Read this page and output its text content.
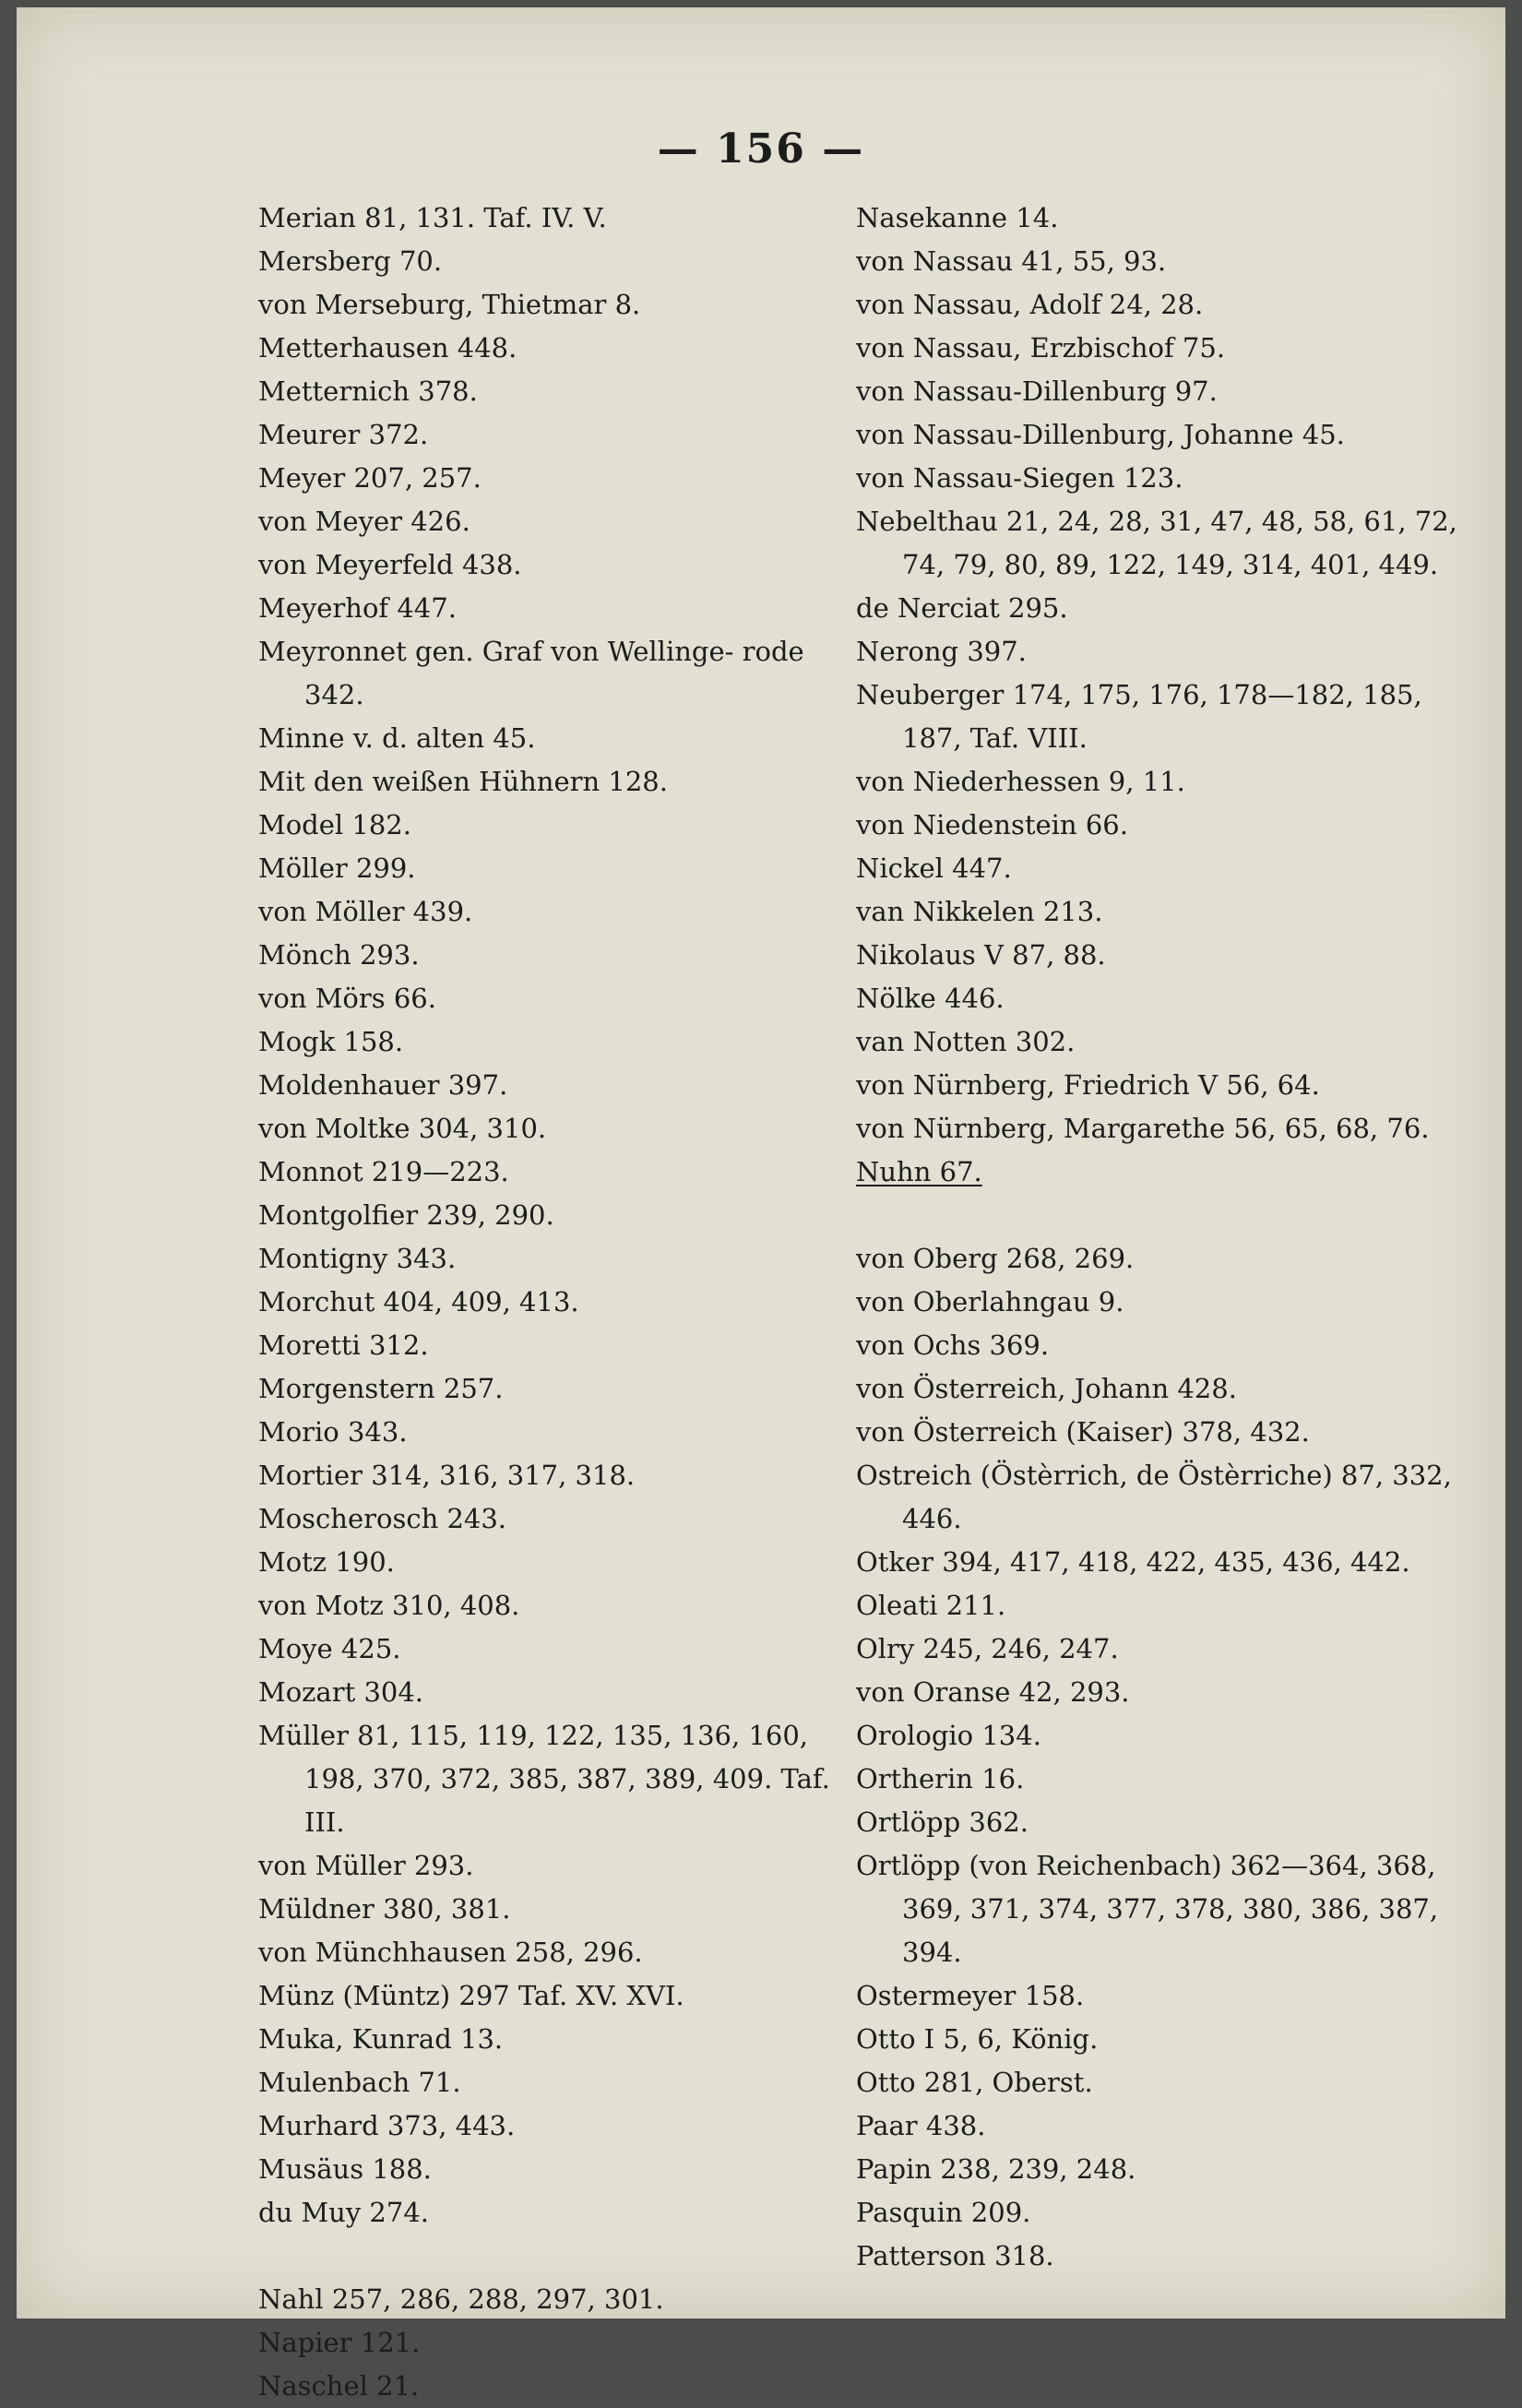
— 156 —
Merian 81, 131. Taf. IV. V.
Mersberg 70.
von Merseburg, Thietmar 8.
Metterhausen 448.
Metternich 378.
Meurer 372.
Meyer 207, 257.
von Meyer 426.
von Meyerfeld 438.
Meyerhof 447.
Meyronnet gen. Graf von Wellinge- rode 342.
Minne v. d. alten 45.
Mit den weißen Hühnern 128.
Model 182.
Möller 299.
von Möller 439.
Mönch 293.
von Mörs 66.
Mogk 158.
Moldenhauer 397.
von Moltke 304, 310.
Monnot 219—223.
Montgolfier 239, 290.
Montigny 343.
Morchut 404, 409, 413.
Moretti 312.
Morgenstern 257.
Morio 343.
Mortier 314, 316, 317, 318.
Moscherosch 243.
Motz 190.
von Motz 310, 408.
Moye 425.
Mozart 304.
Müller 81, 115, 119, 122, 135, 136, 160, 198, 370, 372, 385, 387, 389, 409. Taf. III.
von Müller 293.
Müldner 380, 381.
von Münchhausen 258, 296.
Münz (Müntz) 297 Taf. XV. XVI.
Muka, Kunrad 13.
Mulenbach 71.
Murhard 373, 443.
Musäus 188.
du Muy 274.
Nahl 257, 286, 288, 297, 301.
Napier 121.
Naschel 21.
Nasekanne 14.
von Nassau 41, 55, 93.
von Nassau, Adolf 24, 28.
von Nassau, Erzbischof 75.
von Nassau-Dillenburg 97.
von Nassau-Dillenburg, Johanne 45.
von Nassau-Siegen 123.
Nebelthau 21, 24, 28, 31, 47, 48, 58, 61, 72, 74, 79, 80, 89, 122, 149, 314, 401, 449.
de Nerciat 295.
Nerong 397.
Neuberger 174, 175, 176, 178—182, 185, 187, Taf. VIII.
von Niederhessen 9, 11.
von Niedenstein 66.
Nickel 447.
van Nikkelen 213.
Nikolaus V 87, 88.
Nölke 446.
van Notten 302.
von Nürnberg, Friedrich V 56, 64.
von Nürnberg, Margarethe 56, 65, 68, 76.
Nuhn 67.
von Oberg 268, 269.
von Oberlahngau 9.
von Ochs 369.
von Österreich, Johann 428.
von Österreich (Kaiser) 378, 432.
Ostreich (Östèrrich, de Östèrriche) 87, 332, 446.
Otker 394, 417, 418, 422, 435, 436, 442.
Oleati 211.
Olry 245, 246, 247.
von Oranse 42, 293.
Orologio 134.
Ortherin 16.
Ortlöpp 362.
Ortlöpp (von Reichenbach) 362—364, 368, 369, 371, 374, 377, 378, 380, 386, 387, 394.
Ostermeyer 158.
Otto I 5, 6, König.
Otto 281, Oberst.
Paar 438.
Papin 238, 239, 248.
Pasquin 209.
Patterson 318.
